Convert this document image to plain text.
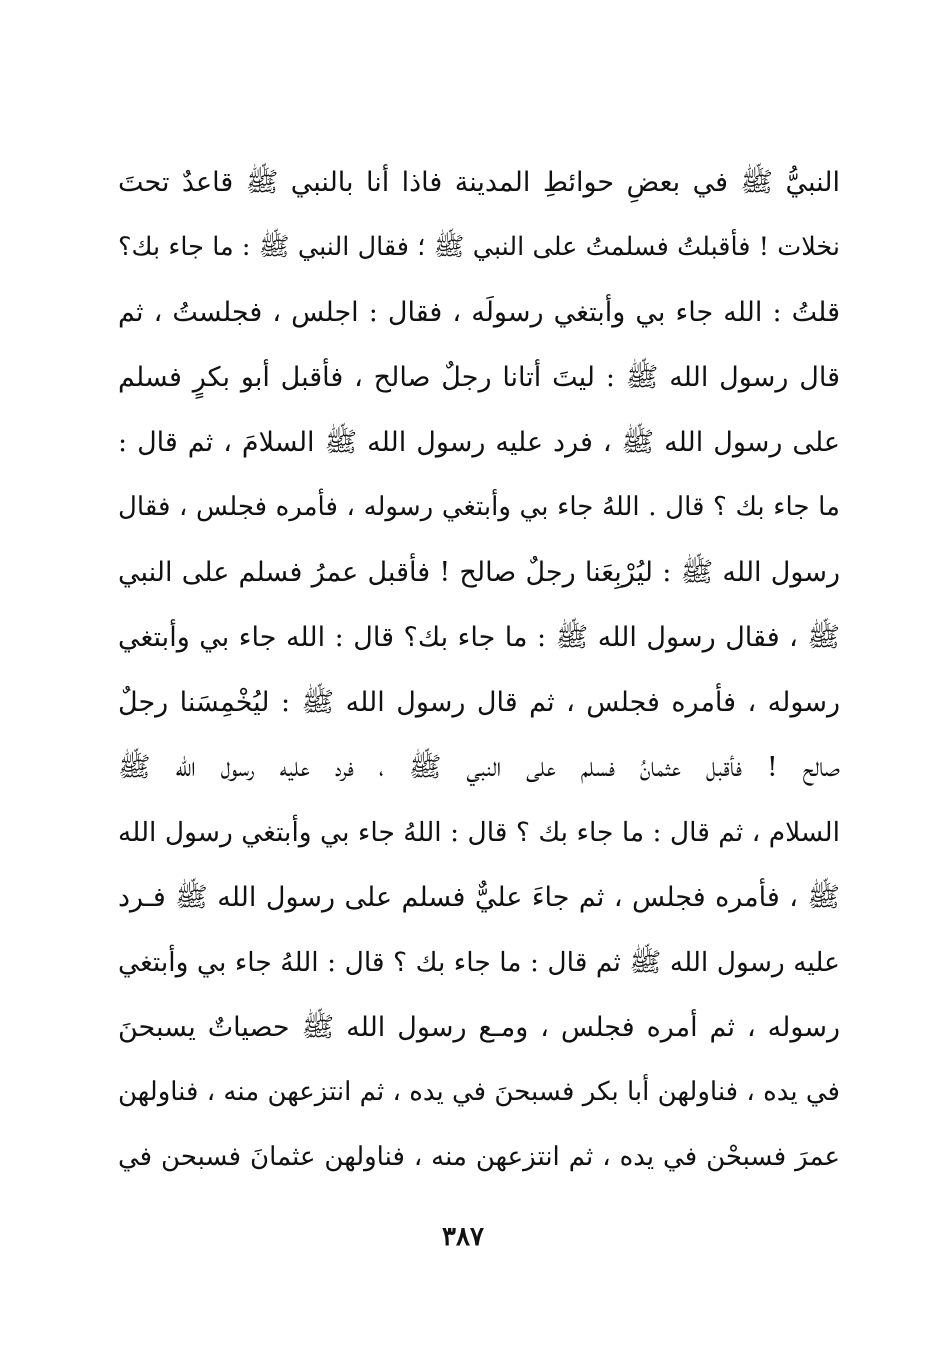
النبيُّ ﷺ في بعضِ حوائطِ المدينة فاذا أنا بالنبي ﷺ قاعدٌ تحتَ
نخلات ! فأقبلتُ فسلمتُ على النبي ﷺ ؛ فقال النبي ﷺ : ما جاء بك؟
قلتُ : الله جاء بي وأبتغي رسولَه ، فقال : اجلس ، فجلستُ ، ثم
قال رسول الله ﷺ : ليتَ أتانا رجلٌ صالح ، فأقبل أبو بكرٍ فسلم
على رسول الله ﷺ ، فرد عليه رسول الله ﷺ السلامَ ، ثم قال :
ما جاء بك ؟ قال . اللهُ جاء بي وأبتغي رسوله ، فأمره فجلس ، فقال
رسول الله ﷺ : ليُرْبِعَنا رجلٌ صالح ! فأقبل عمرُ فسلم على النبي
ﷺ ، فقال رسول الله ﷺ : ما جاء بك؟ قال : الله جاء بي وأبتغي
رسوله ، فأمره فجلس ، ثم قال رسول الله ﷺ : ليُخْمِسَنا رجلٌ
صالح ! فأقبل عثمانُ فسلم على النبي ﷺ ، فرد عليه رسول الله ﷺ
السلام ، ثم قال : ما جاء بك ؟ قال : اللهُ جاء بي وأبتغي رسول الله
ﷺ ، فأمره فجلس ، ثم جاءَ عليٌّ فسلم على رسول الله ﷺ فـرد
عليه رسول الله ﷺ ثم قال : ما جاء بك ؟ قال : اللهُ جاء بي وأبتغي
رسوله ، ثم أمره فجلس ، ومـع رسول الله ﷺ حصياتٌ يسبحنَ
في يده ، فناولهن أبا بكر فسبحنَ في يده ، ثم انتزعهن منه ، فناولهن
عمرَ فسبحْن في يده ، ثم انتزعهن منه ، فناولهن عثمانَ فسبحن في
٣٨٧
